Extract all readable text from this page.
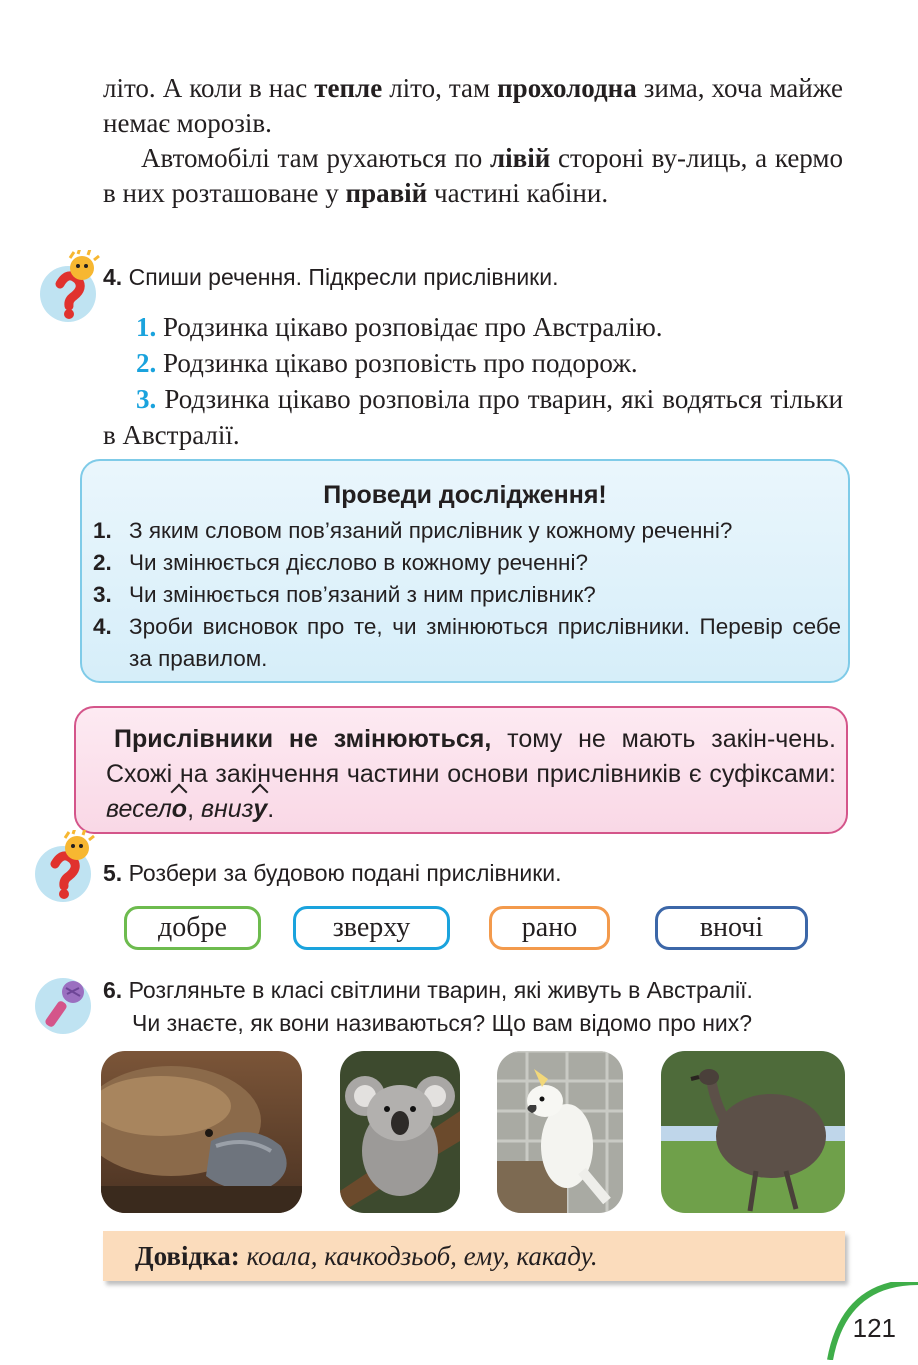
літо. А коли в нас тепле літо, там прохолодна зима, хоча майже немає морозів.

Автомобілі там рухаються по лівій стороні ву-лиць, а кермо в них розташоване у правій частині кабіни.

4. Спиши речення. Підкресли прислівники.

1. Родзинка цікаво розповідає про Австралію.

2. Родзинка цікаво розповість про подорож.

3. Родзинка цікаво розповіла про тварин, які водяться тільки в Австралії.

Проведи дослідження!
1. З яким словом пов’язаний прислівник у кожному реченні?
2. Чи змінюється дієслово в кожному реченні?
3. Чи змінюється пов’язаний з ним прислівник?
4. Зроби висновок про те, чи змінюються прислівники. Перевір себе за правилом.
Прислівники не змінюються, тому не мають закін-чень. Схожі на закінчення частини основи прислівників є суфіксами: весело, внизу.
5. Розбери за будовою подані прислівники.
добре	зверху	рано	вночі
6. Розгляньте в класі світлини тварин, які живуть в Австралії.
Чи знаєте, як вони називаються? Що вам відомо про них?
Довідка: коала, качкодзьоб, ему, какаду.
121
